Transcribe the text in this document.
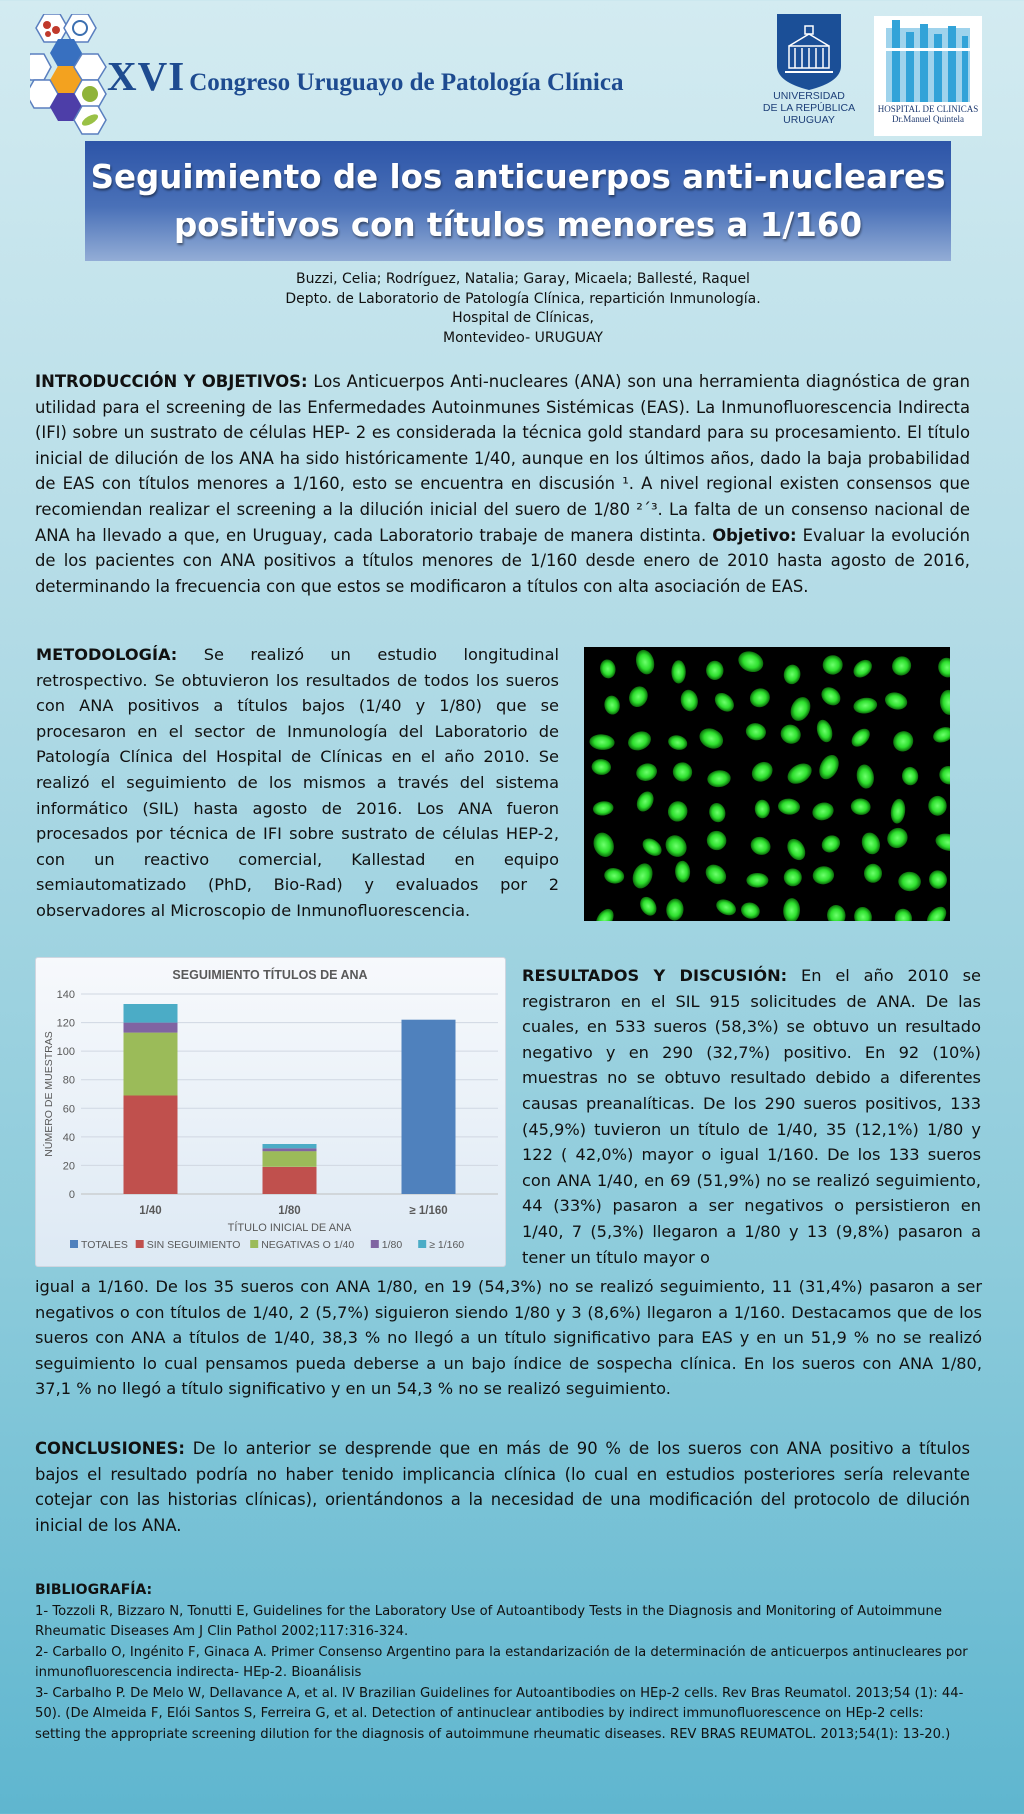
XVI Congreso Uruguayo de Patología Clínica	UNIVERSIDAD
DE LA REPÚBLICA
URUGUAY
HOSPITAL DE CLINICAS
Dr.Manuel Quintela
Seguimiento de los anticuerpos anti-nucleares
positivos con títulos menores a 1/160
Buzzi, Celia; Rodríguez, Natalia; Garay, Micaela; Ballesté, Raquel
Depto. de Laboratorio de Patología Clínica, repartición Inmunología.
Hospital de Clínicas,
Montevideo- URUGUAY
INTRODUCCIÓN Y OBJETIVOS: Los Anticuerpos Anti-nucleares (ANA) son una herramienta diagnóstica de gran utilidad para el screening de las Enfermedades Autoinmunes Sistémicas (EAS). La Inmunofluorescencia Indirecta (IFI) sobre un sustrato de células HEP- 2 es considerada la técnica gold standard para su procesamiento. El título inicial de dilución de los ANA ha sido históricamente 1/40, aunque en los últimos años, dado la baja probabilidad de EAS con títulos menores a 1/160, esto se encuentra en discusión ¹. A nivel regional existen consensos que recomiendan realizar el screening a la dilución inicial del suero de 1/80 ²´³. La falta de un consenso nacional de ANA ha llevado a que, en Uruguay, cada Laboratorio trabaje de manera distinta. Objetivo: Evaluar la evolución de los pacientes con ANA positivos a títulos menores de 1/160 desde enero de 2010 hasta agosto de 2016, determinando la frecuencia con que estos se modificaron a títulos con alta asociación de EAS.
METODOLOGÍA: Se realizó un estudio longitudinal retrospectivo. Se obtuvieron los resultados de todos los sueros con ANA positivos a títulos bajos (1/40 y 1/80) que se procesaron en el sector de Inmunología del Laboratorio de Patología Clínica del Hospital de Clínicas en el año 2010. Se realizó el seguimiento de los mismos a través del sistema informático (SIL) hasta agosto de 2016. Los ANA fueron procesados por técnica de IFI sobre sustrato de células HEP-2, con un reactivo comercial, Kallestad en equipo semiautomatizado (PhD, Bio-Rad) y evaluados por 2 observadores al Microscopio de Inmunofluorescencia.
SEGUIMIENTO TÍTULOS DE ANA
0
20
40
60
80
100
120
140
NÚMERO DE MUESTRAS
1/40	1/80	≥ 1/160
TÍTULO INICIAL DE ANA
TOTALES SIN SEGUIMIENTO NEGATIVAS O 1/40	1/80	≥ 1/160
RESULTADOS Y DISCUSIÓN: En el año 2010 se registraron en el SIL 915 solicitudes de ANA. De las cuales, en 533 sueros (58,3%) se obtuvo un resultado negativo y en 290 (32,7%) positivo. En 92 (10%) muestras no se obtuvo resultado debido a diferentes causas preanalíticas. De los 290 sueros positivos, 133 (45,9%) tuvieron un título de 1/40, 35 (12,1%) 1/80 y 122 ( 42,0%) mayor o igual 1/160. De los 133 sueros con ANA 1/40, en 69 (51,9%) no se realizó seguimiento, 44 (33%) pasaron a ser negativos o persistieron en 1/40, 7 (5,3%) llegaron a 1/80 y 13 (9,8%) pasaron a tener un título mayor o
igual a 1/160. De los 35 sueros con ANA 1/80, en 19 (54,3%) no se realizó seguimiento, 11 (31,4%) pasaron a ser negativos o con títulos de 1/40, 2 (5,7%) siguieron siendo 1/80 y 3 (8,6%) llegaron a 1/160. Destacamos que de los sueros con ANA a títulos de 1/40, 38,3 % no llegó a un título significativo para EAS y en un 51,9 % no se realizó seguimiento lo cual pensamos pueda deberse a un bajo índice de sospecha clínica. En los sueros con ANA 1/80, 37,1 % no llegó a título significativo y en un 54,3 % no se realizó seguimiento.
CONCLUSIONES: De lo anterior se desprende que en más de 90 % de los sueros con ANA positivo a títulos bajos el resultado podría no haber tenido implicancia clínica (lo cual en estudios posteriores sería relevante cotejar con las historias clínicas), orientándonos a la necesidad de una modificación del protocolo de dilución inicial de los ANA.
BIBLIOGRAFÍA:
1- Tozzoli R, Bizzaro N, Tonutti E, Guidelines for the Laboratory Use of Autoantibody Tests in the Diagnosis and Monitoring of Autoimmune Rheumatic Diseases Am J Clin Pathol 2002;117:316-324.
2- Carballo O, Ingénito F, Ginaca A. Primer Consenso Argentino para la estandarización de la determinación de anticuerpos antinucleares por inmunofluorescencia indirecta- HEp-2. Bioanálisis
3- Carbalho P. De Melo W, Dellavance A, et al. IV Brazilian Guidelines for Autoantibodies on HEp-2 cells. Rev Bras Reumatol. 2013;54 (1): 44-50). (De Almeida F, Elói Santos S, Ferreira G, et al. Detection of antinuclear antibodies by indirect immunofluorescence on HEp-2 cells: setting the appropriate screening dilution for the diagnosis of autoimmune rheumatic diseases. REV BRAS REUMATOL. 2013;54(1): 13-20.)
